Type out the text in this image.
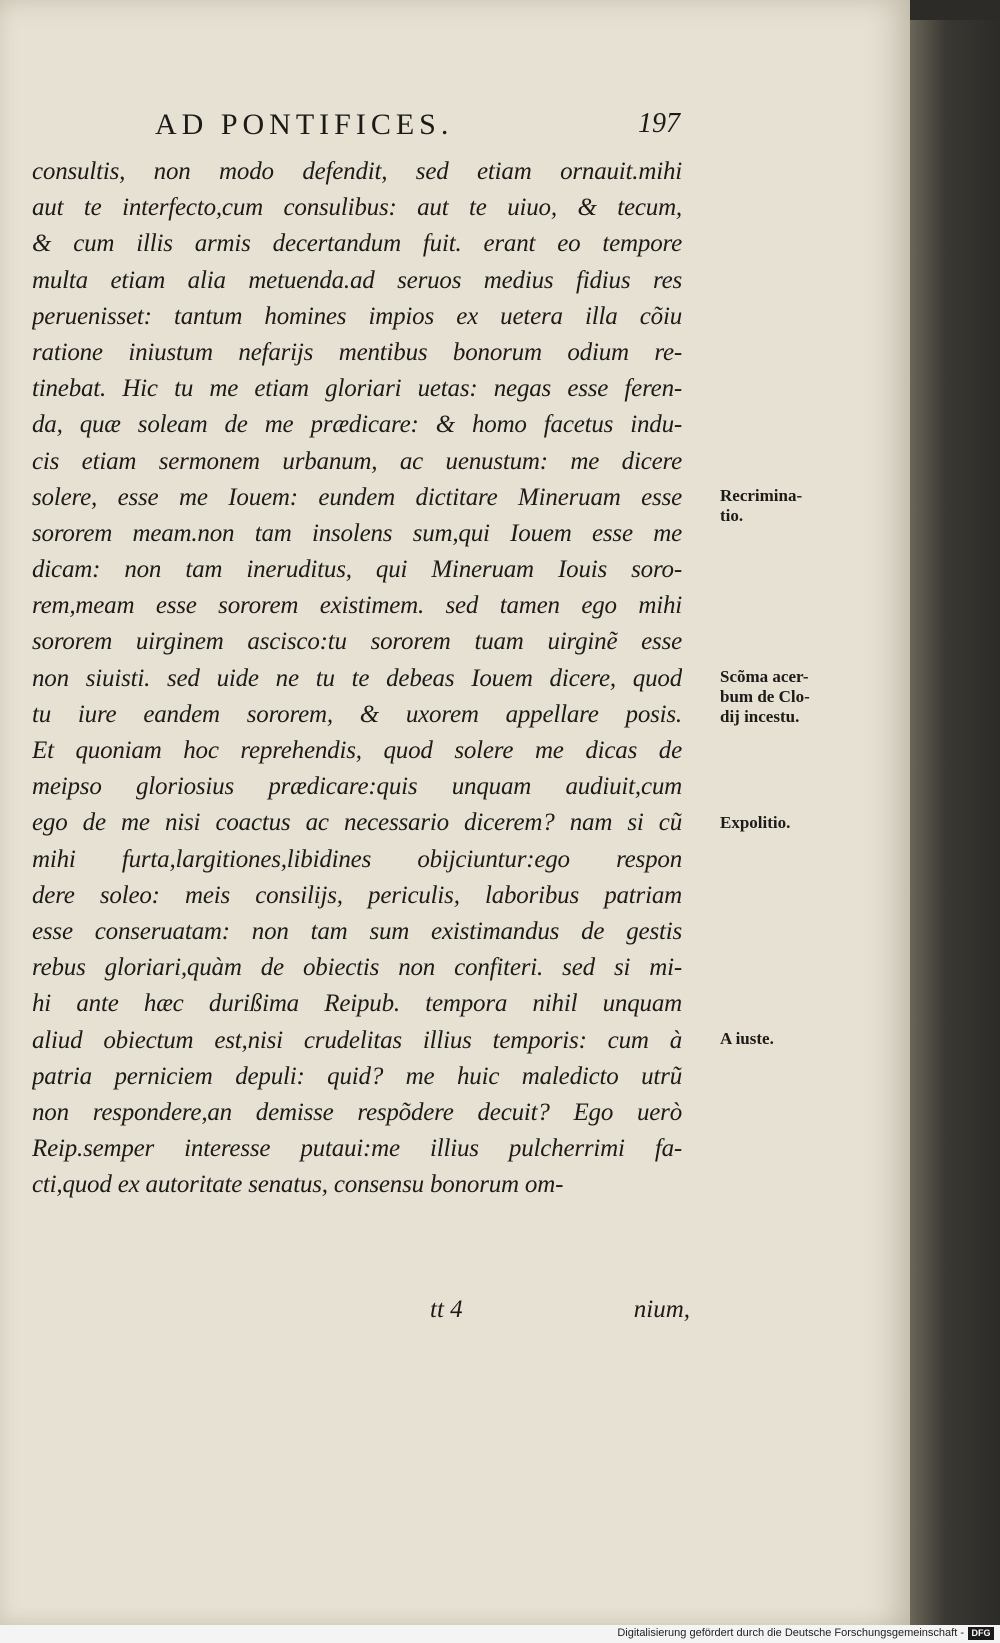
AD PONTIFICES.	197
consultis, non modo defendit, sed etiam ornauit.mihi
aut te interfecto,cum consulibus: aut te uiuo, & tecum,
& cum illis armis decertandum fuit. erant eo tempore
multa etiam alia metuenda.ad seruos medius fidius res
peruenisset: tantum homines impios ex uetera illa cõiu
ratione iniustum nefarijs mentibus bonorum odium re-
tinebat. Hic tu me etiam gloriari uetas: negas esse feren-
da, quæ soleam de me prædicare: & homo facetus indu-
cis etiam sermonem urbanum, ac uenustum: me dicere
solere, esse me Iouem: eundem dictitare Mineruam esse
sororem meam.non tam insolens sum,qui Iouem esse me
dicam: non tam ineruditus, qui Mineruam Iouis soro-
rem,meam esse sororem existimem. sed tamen ego mihi
sororem uirginem ascisco:tu sororem tuam uirginẽ esse
non siuisti. sed uide ne tu te debeas Iouem dicere, quod
tu iure eandem sororem, & uxorem appellare posis.
Et quoniam hoc reprehendis, quod solere me dicas de
meipso gloriosius prædicare:quis unquam audiuit,cum
ego de me nisi coactus ac necessario dicerem? nam si cũ
mihi furta,largitiones,libidines obijciuntur:ego respon
dere soleo: meis consilijs, periculis, laboribus patriam
esse conseruatam: non tam sum existimandus de gestis
rebus gloriari,quàm de obiectis non confiteri. sed si mi-
hi ante hæc durißima Reipub. tempora nihil unquam
aliud obiectum est,nisi crudelitas illius temporis: cum à
patria perniciem depuli: quid? me huic maledicto utrũ
non respondere,an demisse respõdere decuit? Ego uerò
Reip.semper interesse putaui:me illius pulcherrimi fa-
cti,quod ex autoritate senatus, consensu bonorum om-
Recrimina-
tio.
Scõma acer-
bum de Clo-
dij incestu.
Expolitio.
A iuste.
tt 4	nium,
Digitalisierung gefördert durch die Deutsche Forschungsgemeinschaft - DFG
